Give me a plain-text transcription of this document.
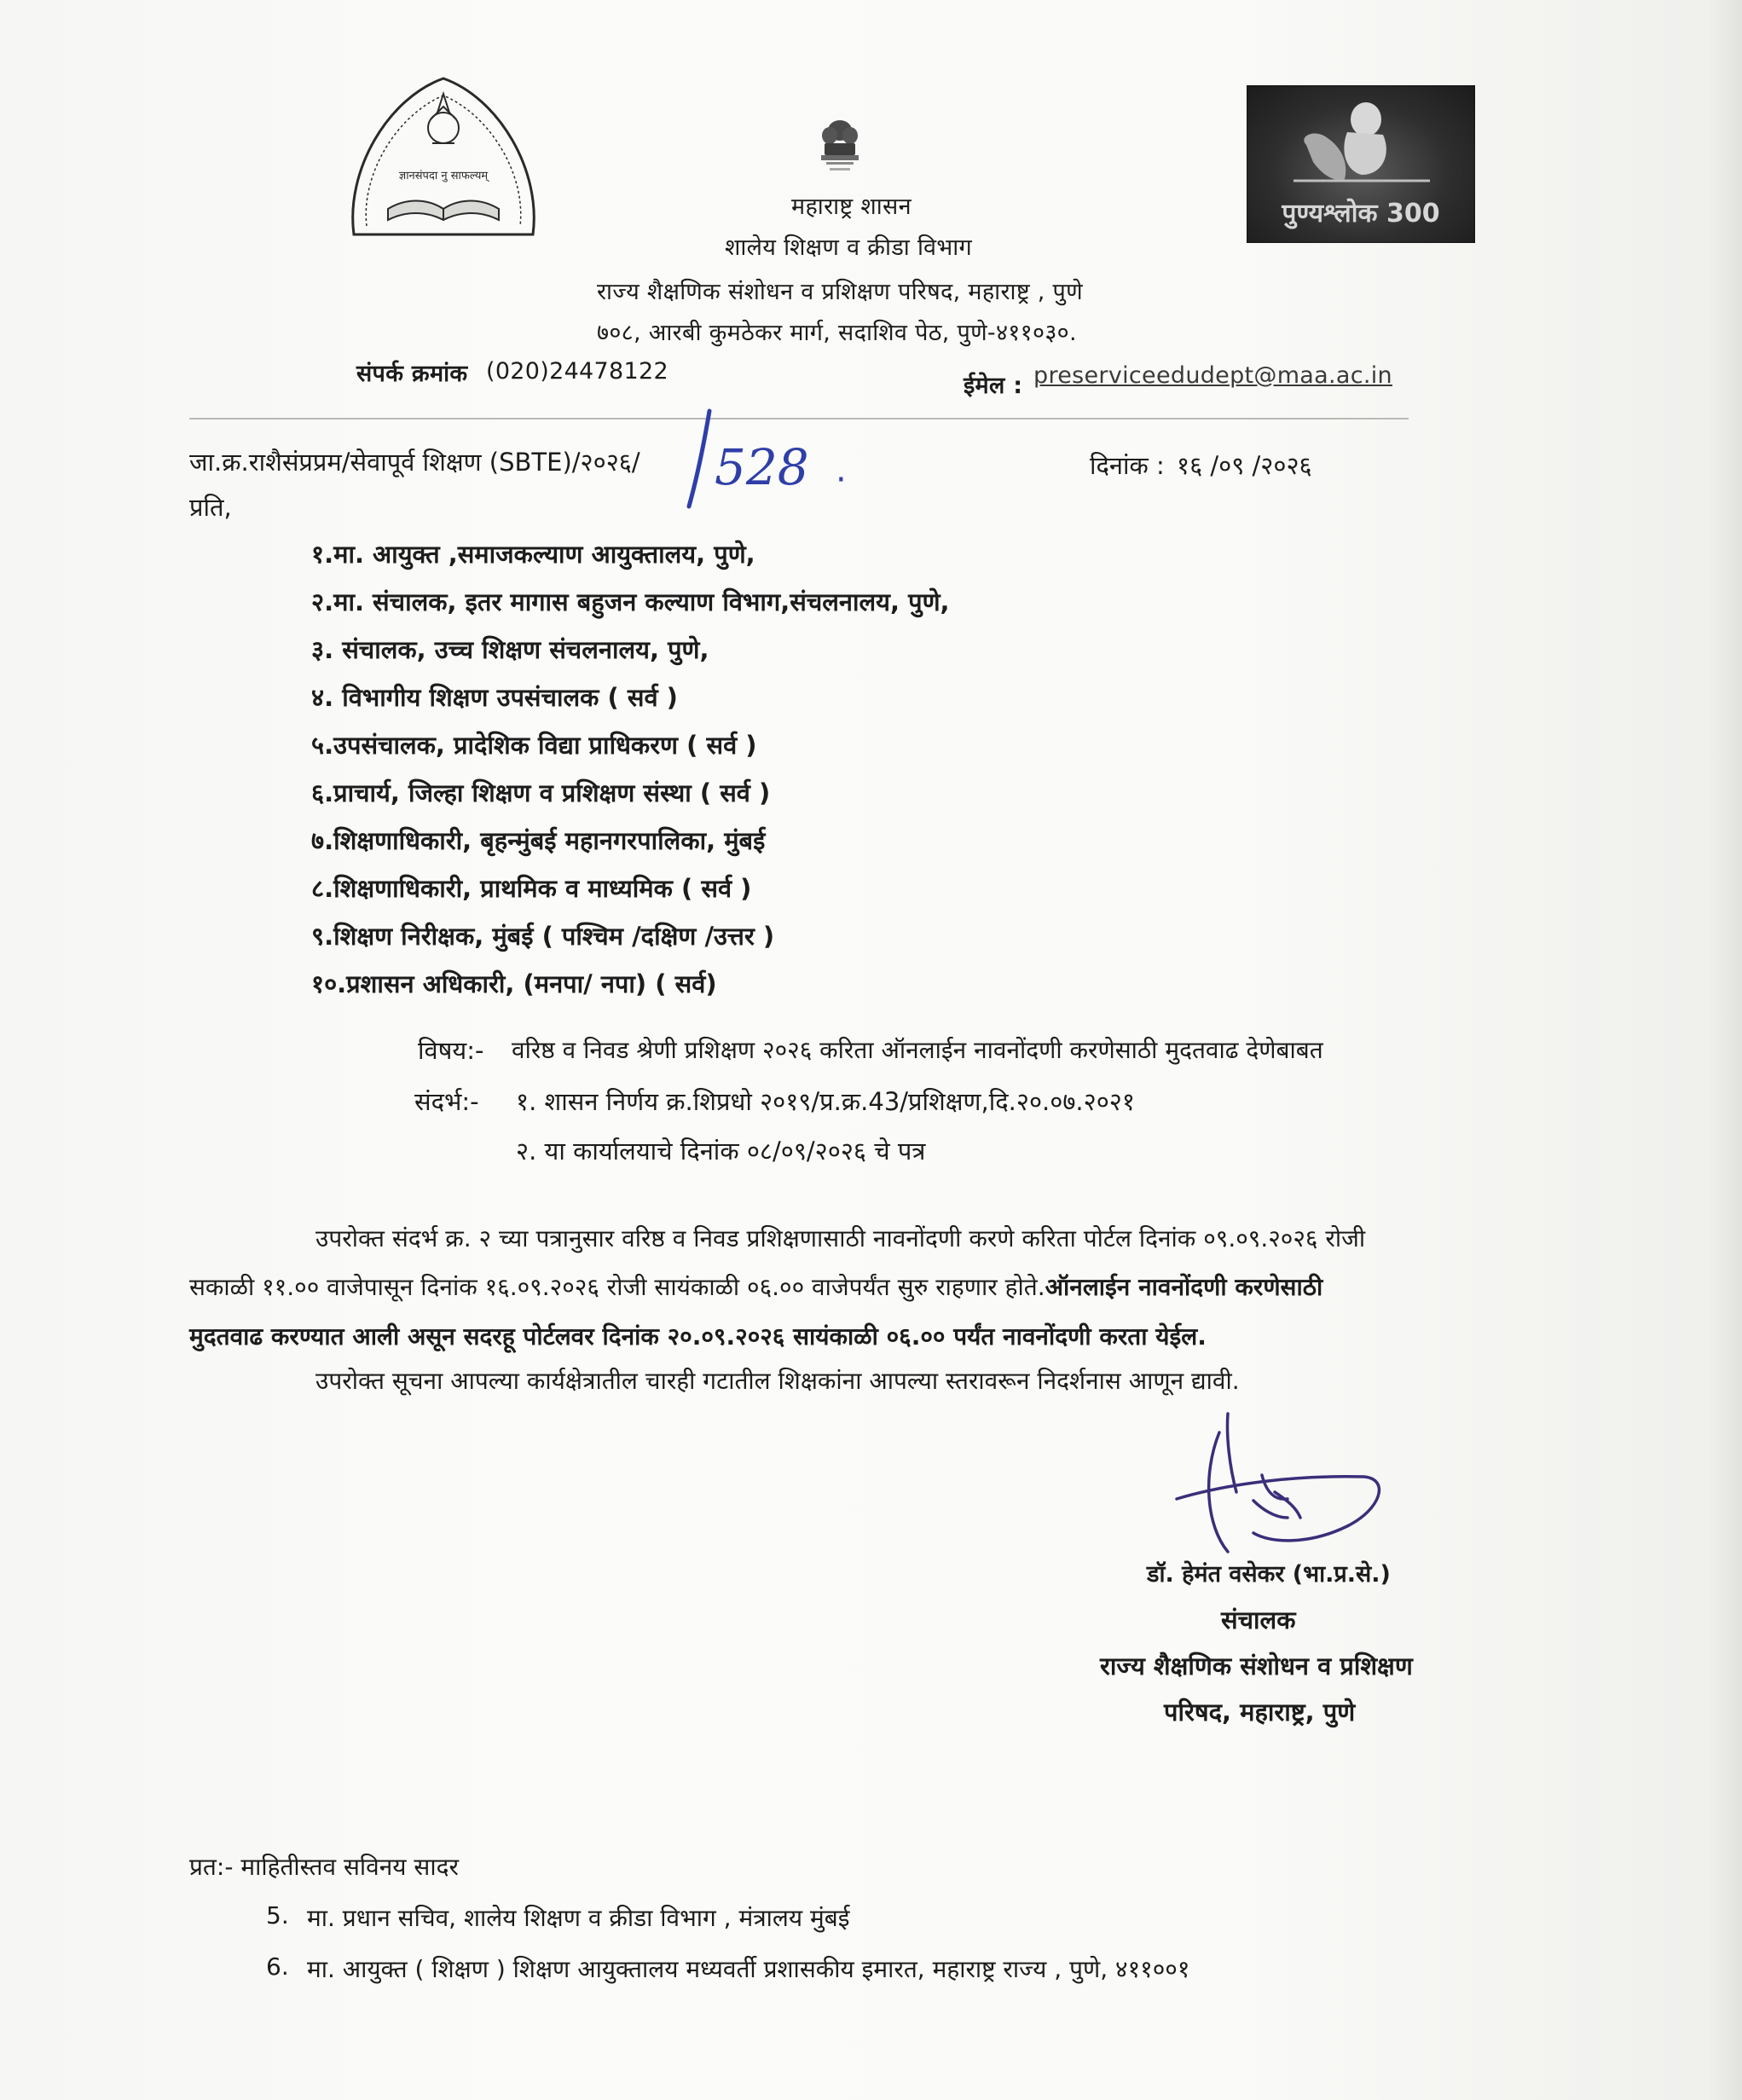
ज्ञानसंपदा नु साफल्यम्
पुण्यश्लोक 300
महाराष्ट्र शासन
शालेय शिक्षण व क्रीडा विभाग
राज्य शैक्षणिक संशोधन व प्रशिक्षण परिषद, महाराष्ट्र , पुणे
७०८, आरबी कुमठेकर मार्ग, सदाशिव पेठ, पुणे-४११०३०.
संपर्क क्रमांक (020)24478122
ईमेल : preserviceedudept@maa.ac.in
जा.क्र.राशैसंप्रप्रम/सेवापूर्व शिक्षण (SBTE)/२०२६/ 528 ·	दिनांक : १६ /०९ /२०२६
प्रति,
१.मा. आयुक्त ,समाजकल्याण आयुक्तालय, पुणे,
२.मा. संचालक, इतर मागास बहुजन कल्याण विभाग,संचलनालय, पुणे,
३. संचालक, उच्च शिक्षण संचलनालय, पुणे,
४. विभागीय शिक्षण उपसंचालक ( सर्व )
५.उपसंचालक, प्रादेशिक विद्या प्राधिकरण ( सर्व )
६.प्राचार्य, जिल्हा शिक्षण व प्रशिक्षण संस्था ( सर्व )
७.शिक्षणाधिकारी, बृहन्मुंबई महानगरपालिका, मुंबई
८.शिक्षणाधिकारी, प्राथमिक व माध्यमिक ( सर्व )
९.शिक्षण निरीक्षक, मुंबई ( पश्चिम /दक्षिण /उत्तर )
१०.प्रशासन अधिकारी, (मनपा/ नपा) ( सर्व)
विषय:- वरिष्ठ व निवड श्रेणी प्रशिक्षण २०२६ करिता ऑनलाईन नावनोंदणी करणेसाठी मुदतवाढ देणेबाबत
संदर्भ:- १. शासन निर्णय क्र.शिप्रधो २०१९/प्र.क्र.43/प्रशिक्षण,दि.२०.०७.२०२१
२. या कार्यालयाचे दिनांक ०८/०९/२०२६ चे पत्र
उपरोक्त संदर्भ क्र. २ च्या पत्रानुसार वरिष्ठ व निवड प्रशिक्षणासाठी नावनोंदणी करणे करिता पोर्टल दिनांक ०९.०९.२०२६ रोजी
सकाळी ११.०० वाजेपासून दिनांक १६.०९.२०२६ रोजी सायंकाळी ०६.०० वाजेपर्यंत सुरु राहणार होते.ऑनलाईन नावनोंदणी करणेसाठी
मुदतवाढ करण्यात आली असून सदरहू पोर्टलवर दिनांक २०.०९.२०२६ सायंकाळी ०६.०० पर्यंत नावनोंदणी करता येईल.
उपरोक्त सूचना आपल्या कार्यक्षेत्रातील चारही गटातील शिक्षकांना आपल्या स्तरावरून निदर्शनास आणून द्यावी.
डॉ. हेमंत वसेकर (भा.प्र.से.)
संचालक
राज्य शैक्षणिक संशोधन व प्रशिक्षण
परिषद, महाराष्ट्र, पुणे
प्रत:- माहितीस्तव सविनय सादर
5. मा. प्रधान सचिव, शालेय शिक्षण व क्रीडा विभाग , मंत्रालय मुंबई
6. मा. आयुक्त ( शिक्षण ) शिक्षण आयुक्तालय मध्यवर्ती प्रशासकीय इमारत, महाराष्ट्र राज्य , पुणे, ४११००१
